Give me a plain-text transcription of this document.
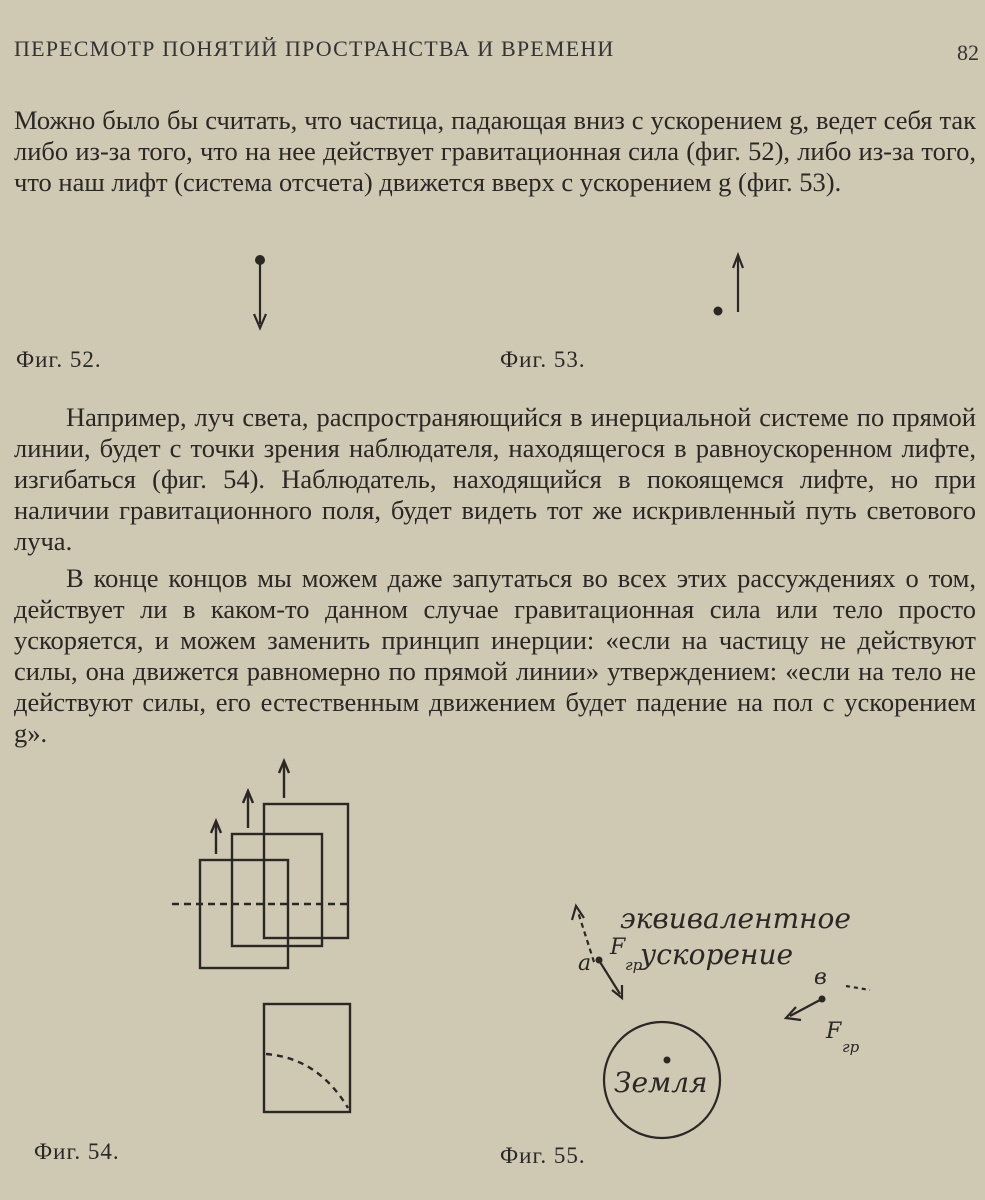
ПЕРЕСМОТР ПОНЯТИЙ ПРОСТРАНСТВА И ВРЕМЕНИ	82
Можно было бы считать, что частица, падающая вниз с ускорением g, ведет себя так либо из-за того, что на нее действует гравитационная сила (фиг. 52), либо из-за того, что наш лифт (система отсчета) движется вверх с ускорением g (фиг. 53).
Фиг. 52.	Фиг. 53.
Например, луч света, распространяющийся в инерциальной системе по прямой линии, будет с точки зрения наблюдателя, находящегося в равноускоренном лифте, изгибаться (фиг. 54). Наблюдатель, находящийся в покоящемся лифте, но при наличии гравитационного поля, будет видеть тот же искривленный путь светового луча.
В конце концов мы можем даже запутаться во всех этих рассуждениях о том, действует ли в каком-то данном случае гравитационная сила или тело просто ускоряется, и можем заменить принцип инерции: «если на частицу не действуют силы, она движется равномерно по прямой линии» утверждением: «если на тело не действуют силы, его естественным движением будет падение на пол с ускорением g».
Фиг. 54.
эквивалентное
ускорение
a
F
гр	в
F
гр
Земля
Фиг. 55.
